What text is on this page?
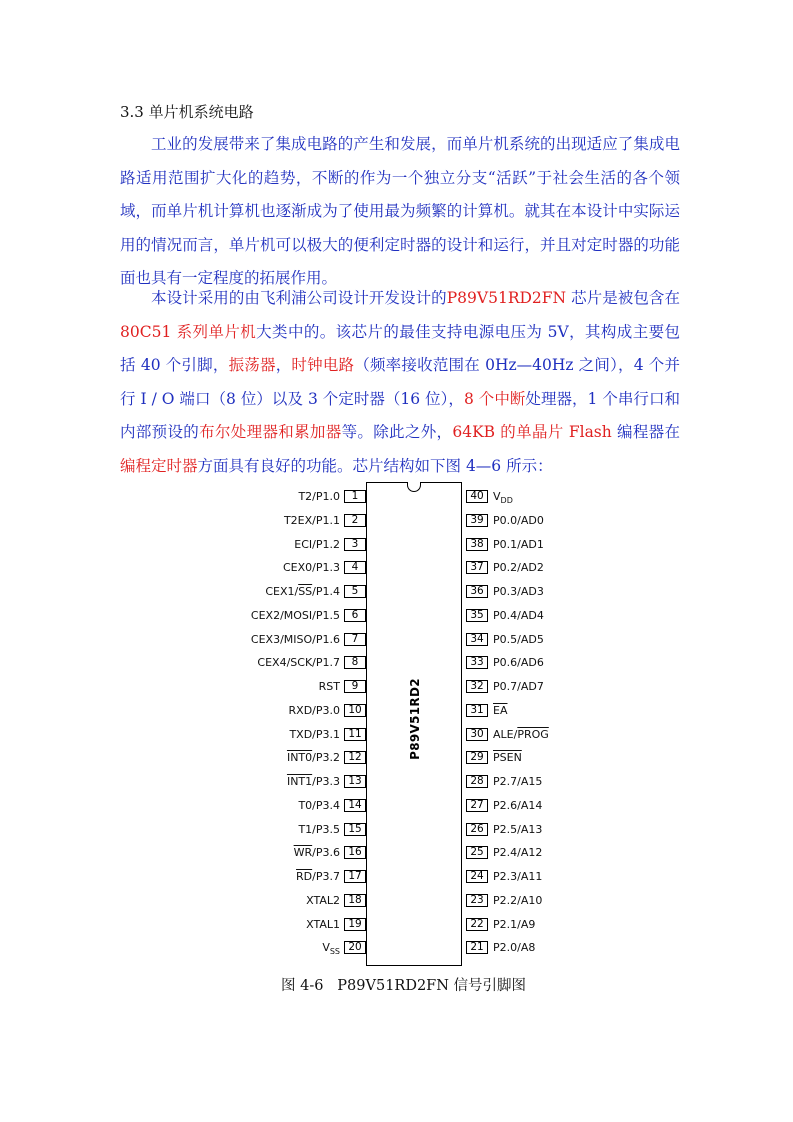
3.3 单片机系统电路
工业的发展带来了集成电路的产生和发展，而单片机系统的出现适应了集成电路适用范围扩大化的趋势，不断的作为一个独立分支“活跃”于社会生活的各个领域，而单片机计算机也逐渐成为了使用最为频繁的计算机。就其在本设计中实际运用的情况而言，单片机可以极大的便利定时器的设计和运行，并且对定时器的功能面也具有一定程度的拓展作用。
本设计采用的由飞利浦公司设计开发设计的P89V51RD2FN 芯片是被包含在 80C51 系列单片机大类中的。该芯片的最佳支持电源电压为 5V，其构成主要包括 40 个引脚，振荡器，时钟电路（频率接收范围在 0Hz—40Hz 之间），4 个并行 I / O 端口（8 位）以及 3 个定时器（16 位），8 个中断处理器，1 个串行口和内部预设的布尔处理器和累加器等。除此之外，64KB 的单晶片 Flash 编程器在编程定时器方面具有良好的功能。芯片结构如下图 4—6 所示：
P89V51RD2
T2/P1.0	1
T2EX/P1.1	2
ECI/P1.2	3
CEX0/P1.3	4
$CEX1/\overline{SS}/P1.4$	5
CEX2/MOSI/P1.5	6
CEX3/MISO/P1.6	7
CEX4/SCK/P1.7	8
RST	9
RXD/P3.0 10
TXD/P3.1 11
INT0/P3.2 12
INT1/P3.3 13
T0/P3.4 14
T1/P3.5 15
$\overline{WR}/P3.6$ 16
$\overline{RD}/P3.7$ 17
XTAL2 18
XTAL1 19
$V_{SS}$ 20
40 $V_{DD}$
39 P0.0/AD0
38 P0.1/AD1
37 P0.2/AD2
36 P0.3/AD3
35 P0.4/AD4
34 P0.5/AD5
33 P0.6/AD6
32 P0.7/AD7
31 $\overline{EA}$
30 ALE/PROG
29 PSEN
28 P2.7/A15
27 P2.6/A14
26 P2.5/A13
25 P2.4/A12
24 P2.3/A11
23 P2.2/A10
22 P2.1/A9
21 P2.0/A8
图 4-6   P89V51RD2FN 信号引脚图
